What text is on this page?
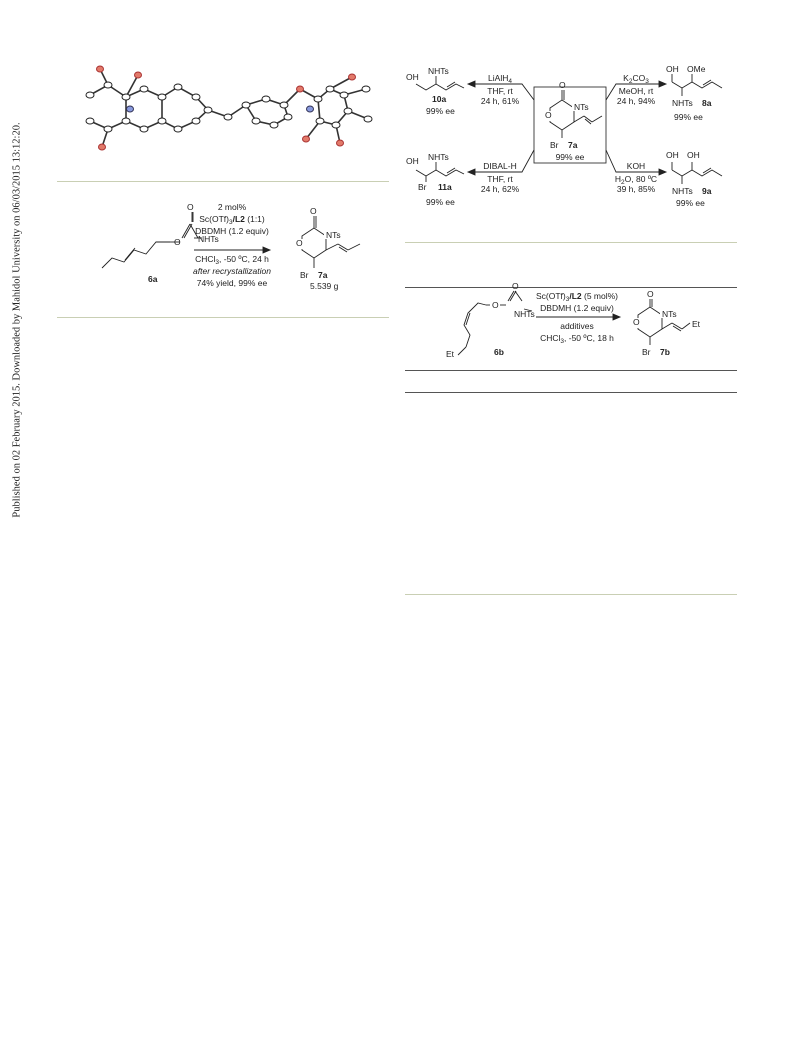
Published on 02 February 2015. Downloaded by Mahidol University on 06/03/2015 13:12:20.	O
O
NHTs
6a
2 mol%
$Sc(OTf)_3/L2$ (1:1)
DBDMH (1.2 equiv)
CHCl$_3$, -50 ºC, 24 h
after recrystallization
74% yield, 99% ee
O
O
NTs
Br 7a
5.539 g
O
O
NTs
Br 7a
99% ee
LiAlH$_4$
THF, rt
24 h, 61%
DIBAL-H
THF, rt
24 h, 62%
$K_2CO_3$
MeOH, rt
24 h, 94%
KOH
$H_2O$, 80 ºC
39 h, 85%
OH
NHTs
10a
99% ee
OH NHTs
Br 11a
99% ee
OH OMe
NHTs 8a
99% ee
OH OH
NHTs 9a
99% ee
Et
O
O
NHTs
6b
$Sc(OTf)_3/L2$ (5 mol%)
DBDMH (1.2 equiv)
additives
CHCl$_3$, -50 ºC, 18 h
O
O
NTs
Et
Br 7b
